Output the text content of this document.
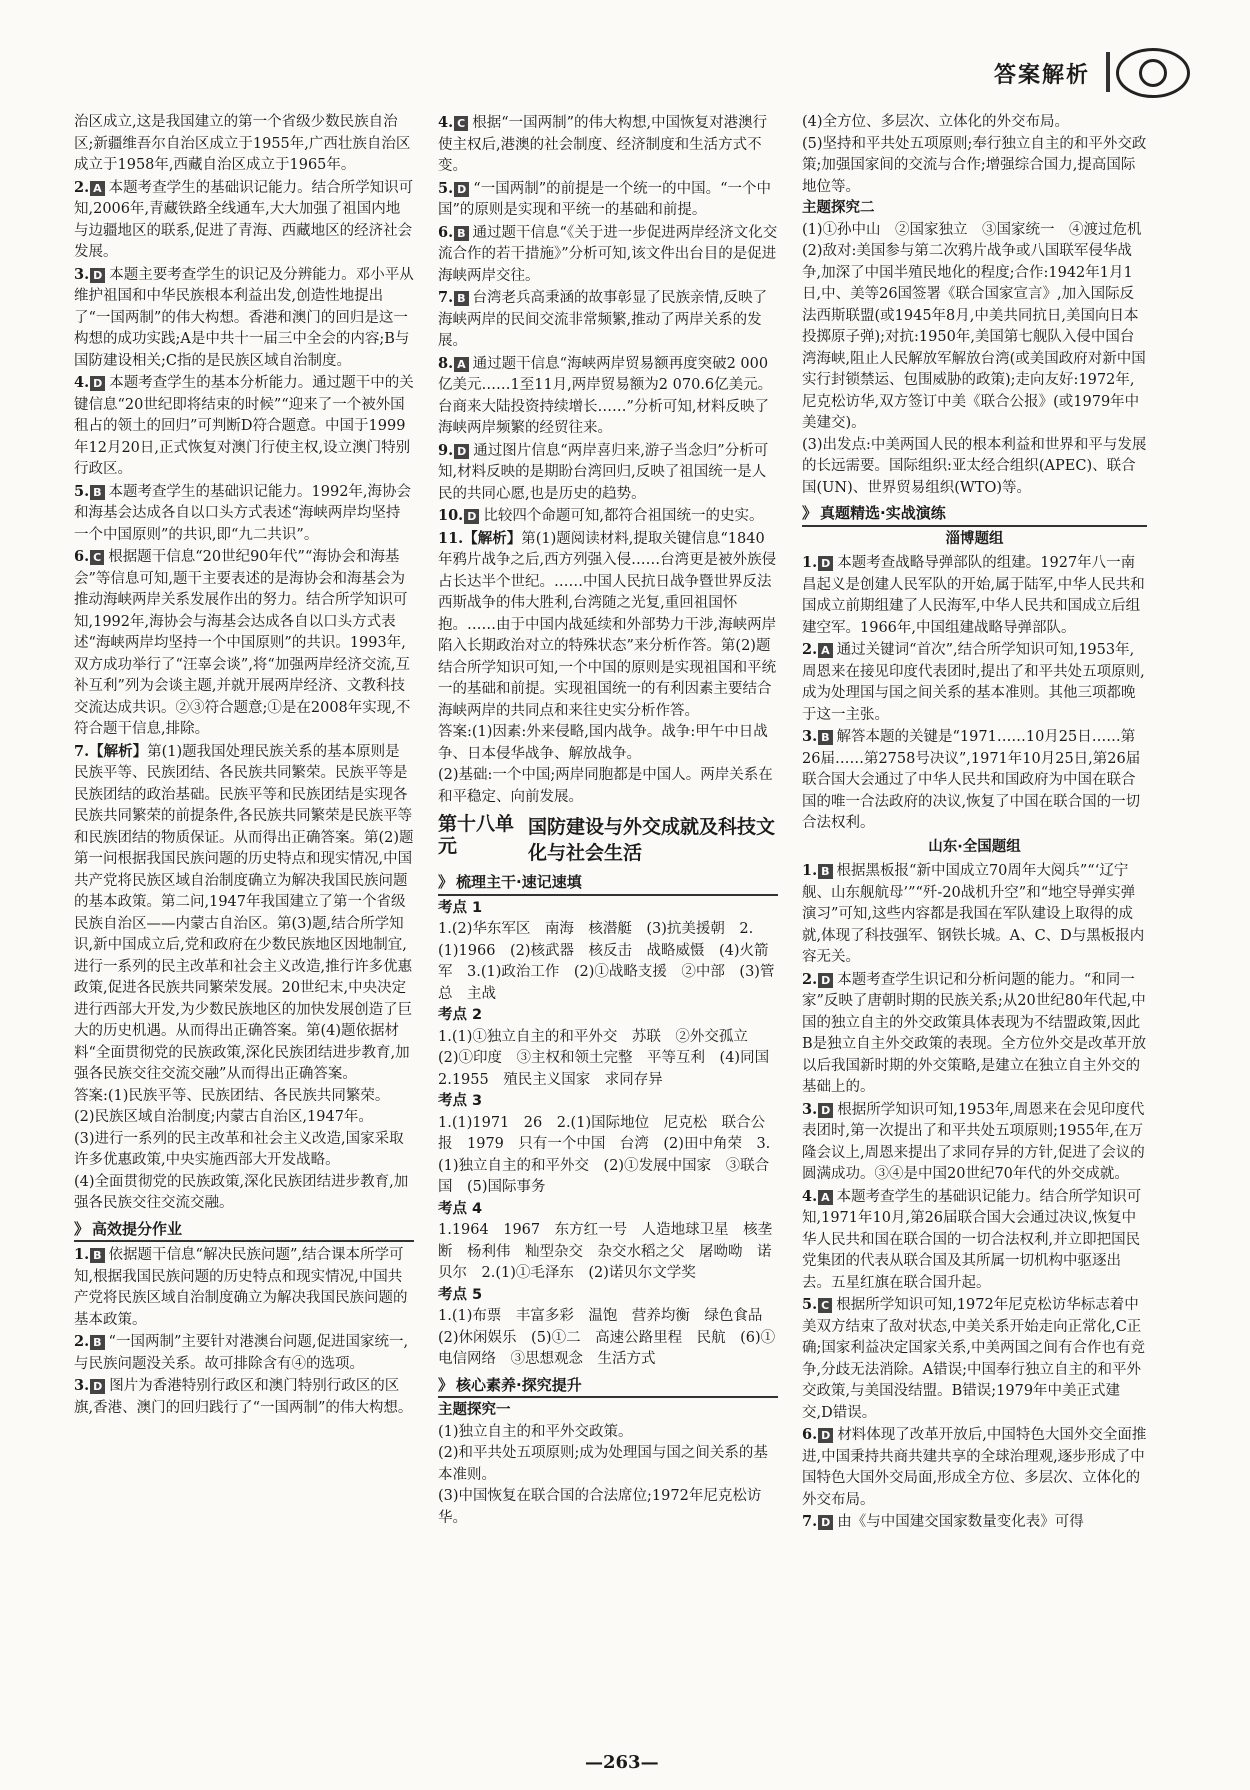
答案解析

治区成立,这是我国建立的第一个省级少数民族自治区;新疆维吾尔自治区成立于1955年,广西壮族自治区成立于1958年,西藏自治区成立于1965年。

2. A 本题考查学生的基础识记能力。结合所学知识可知,2006年,青藏铁路全线通车,大大加强了祖国内地与边疆地区的联系,促进了青海、西藏地区的经济社会发展。

3. D 本题主要考查学生的识记及分辨能力。邓小平从维护祖国和中华民族根本利益出发,创造性地提出了“一国两制”的伟大构想。香港和澳门的回归是这一构想的成功实践;A是中共十一届三中全会的内容;B与国防建设相关;C指的是民族区域自治制度。

4. D 本题考查学生的基本分析能力。通过题干中的关键信息“20世纪即将结束的时候”“迎来了一个被外国租占的领土的回归”可判断D符合题意。中国于1999年12月20日,正式恢复对澳门行使主权,设立澳门特别行政区。

5. B 本题考查学生的基础识记能力。1992年,海协会和海基会达成各自以口头方式表述“海峡两岸均坚持一个中国原则”的共识,即“九二共识”。

6. C 根据题干信息“20世纪90年代”“海协会和海基会”等信息可知,题干主要表述的是海协会和海基会为推动海峡两岸关系发展作出的努力。结合所学知识可知,1992年,海协会与海基会达成各自以口头方式表述“海峡两岸均坚持一个中国原则”的共识。1993年,双方成功举行了“汪辜会谈”,将“加强两岸经济交流,互补互利”列为会谈主题,并就开展两岸经济、文教科技交流达成共识。②③符合题意;①是在2008年实现,不符合题干信息,排除。

7.【解析】第(1)题我国处理民族关系的基本原则是民族平等、民族团结、各民族共同繁荣。民族平等是民族团结的政治基础。民族平等和民族团结是实现各民族共同繁荣的前提条件,各民族共同繁荣是民族平等和民族团结的物质保证。从而得出正确答案。第(2)题第一问根据我国民族问题的历史特点和现实情况,中国共产党将民族区域自治制度确立为解决我国民族问题的基本政策。第二问,1947年我国建立了第一个省级民族自治区——内蒙古自治区。第(3)题,结合所学知识,新中国成立后,党和政府在少数民族地区因地制宜,进行一系列的民主改革和社会主义改造,推行许多优惠政策,促进各民族共同繁荣发展。20世纪末,中央决定进行西部大开发,为少数民族地区的加快发展创造了巨大的历史机遇。从而得出正确答案。第(4)题依据材料“全面贯彻党的民族政策,深化民族团结进步教育,加强各民族交往交流交融”从而得出正确答案。

答案:(1)民族平等、民族团结、各民族共同繁荣。

(2)民族区域自治制度;内蒙古自治区,1947年。

(3)进行一系列的民主改革和社会主义改造,国家采取许多优惠政策,中央实施西部大开发战略。

(4)全面贯彻党的民族政策,深化民族团结进步教育,加强各民族交往交流交融。

》 高效提分作业

1. B 依据题干信息“解决民族问题”,结合课本所学可知,根据我国民族问题的历史特点和现实情况,中国共产党将民族区域自治制度确立为解决我国民族问题的基本政策。

2. B “一国两制”主要针对港澳台问题,促进国家统一,与民族问题没关系。故可排除含有④的选项。

3. D 图片为香港特别行政区和澳门特别行政区的区旗,香港、澳门的回归践行了“一国两制”的伟大构想。

4. C 根据“一国两制”的伟大构想,中国恢复对港澳行使主权后,港澳的社会制度、经济制度和生活方式不变。

5. D “一国两制”的前提是一个统一的中国。“一个中国”的原则是实现和平统一的基础和前提。

6. B 通过题干信息“《关于进一步促进两岸经济文化交流合作的若干措施》”分析可知,该文件出台目的是促进海峡两岸交往。

7. B 台湾老兵高秉涵的故事彰显了民族亲情,反映了海峡两岸的民间交流非常频繁,推动了两岸关系的发展。

8. A 通过题干信息“海峡两岸贸易额再度突破2 000亿美元……1至11月,两岸贸易额为2 070.6亿美元。台商来大陆投资持续增长……”分析可知,材料反映了海峡两岸频繁的经贸往来。

9. D 通过图片信息“两岸喜归来,游子当念归”分析可知,材料反映的是期盼台湾回归,反映了祖国统一是人民的共同心愿,也是历史的趋势。

10. D 比较四个命题可知,都符合祖国统一的史实。

11.【解析】第(1)题阅读材料,提取关键信息“1840年鸦片战争之后,西方列强入侵……台湾更是被外族侵占长达半个世纪。……中国人民抗日战争暨世界反法西斯战争的伟大胜利,台湾随之光复,重回祖国怀抱。……由于中国内战延续和外部势力干涉,海峡两岸陷入长期政治对立的特殊状态”来分析作答。第(2)题结合所学知识可知,一个中国的原则是实现祖国和平统一的基础和前提。实现祖国统一的有利因素主要结合海峡两岸的共同点和来往史实分析作答。

答案:(1)因素:外来侵略,国内战争。战争:甲午中日战争、日本侵华战争、解放战争。

(2)基础:一个中国;两岸同胞都是中国人。两岸关系在和平稳定、向前发展。

第十八单元
国防建设与外交成就及科技文化与社会生活
》 梳理主干·速记速填
考点 1

1.(2)华东军区　南海　核潜艇　(3)抗美援朝　2.(1)1966　(2)核武器　核反击　战略威慑　(4)火箭军　3.(1)政治工作　(2)①战略支援　②中部　(3)管总　主战

考点 2

1.(1)①独立自主的和平外交　苏联　②外交孤立　(2)①印度　③主权和领土完整　平等互利　(4)同国　2.1955　殖民主义国家　求同存异

考点 3

1.(1)1971　26　2.(1)国际地位　尼克松　联合公报　1979　只有一个中国　台湾　(2)田中角荣　3.(1)独立自主的和平外交　(2)①发展中国家　③联合国　(5)国际事务

考点 4

1.1964　1967　东方红一号　人造地球卫星　核垄断　杨利伟　籼型杂交　杂交水稻之父　屠呦呦　诺贝尔　2.(1)①毛泽东　(2)诺贝尔文学奖

考点 5

1.(1)布票　丰富多彩　温饱　营养均衡　绿色食品　(2)休闲娱乐　(5)①二　高速公路里程　民航　(6)①电信网络　③思想观念　生活方式

》 核心素养·探究提升
主题探究一

(1)独立自主的和平外交政策。

(2)和平共处五项原则;成为处理国与国之间关系的基本准则。

(3)中国恢复在联合国的合法席位;1972年尼克松访华。

(4)全方位、多层次、立体化的外交布局。

(5)坚持和平共处五项原则;奉行独立自主的和平外交政策;加强国家间的交流与合作;增强综合国力,提高国际地位等。

主题探究二

(1)①孙中山　②国家独立　③国家统一　④渡过危机

(2)敌对:美国参与第二次鸦片战争或八国联军侵华战争,加深了中国半殖民地化的程度;合作:1942年1月1日,中、美等26国签署《联合国家宣言》,加入国际反法西斯联盟(或1945年8月,中美共同抗日,美国向日本投掷原子弹);对抗:1950年,美国第七舰队入侵中国台湾海峡,阻止人民解放军解放台湾(或美国政府对新中国实行封锁禁运、包围威胁的政策);走向友好:1972年,尼克松访华,双方签订中美《联合公报》(或1979年中美建交)。

(3)出发点:中美两国人民的根本利益和世界和平与发展的长远需要。国际组织:亚太经合组织(APEC)、联合国(UN)、世界贸易组织(WTO)等。

》 真题精选·实战演练
淄博题组

1. D 本题考查战略导弹部队的组建。1927年八一南昌起义是创建人民军队的开始,属于陆军,中华人民共和国成立前期组建了人民海军,中华人民共和国成立后组建空军。1966年,中国组建战略导弹部队。

2. A 通过关键词“首次”,结合所学知识可知,1953年,周恩来在接见印度代表团时,提出了和平共处五项原则,成为处理国与国之间关系的基本准则。其他三项都晚于这一主张。

3. B 解答本题的关键是“1971……10月25日……第26届……第2758号决议”,1971年10月25日,第26届联合国大会通过了中华人民共和国政府为中国在联合国的唯一合法政府的决议,恢复了中国在联合国的一切合法权利。

山东·全国题组

1. B 根据黑板报“新中国成立70周年大阅兵”“‘辽宁舰、山东舰航母’”“歼-20战机升空”和“地空导弹实弹演习”可知,这些内容都是我国在军队建设上取得的成就,体现了科技强军、钢铁长城。A、C、D与黑板报内容无关。

2. D 本题考查学生识记和分析问题的能力。“和同一家”反映了唐朝时期的民族关系;从20世纪80年代起,中国的独立自主的外交政策具体表现为不结盟政策,因此B是独立自主外交政策的表现。全方位外交是改革开放以后我国新时期的外交策略,是建立在独立自主外交的基础上的。

3. D 根据所学知识可知,1953年,周恩来在会见印度代表团时,第一次提出了和平共处五项原则;1955年,在万隆会议上,周恩来提出了求同存异的方针,促进了会议的圆满成功。③④是中国20世纪70年代的外交成就。

4. A 本题考查学生的基础识记能力。结合所学知识可知,1971年10月,第26届联合国大会通过决议,恢复中华人民共和国在联合国的一切合法权利,并立即把国民党集团的代表从联合国及其所属一切机构中驱逐出去。五星红旗在联合国升起。

5. C 根据所学知识可知,1972年尼克松访华标志着中美双方结束了敌对状态,中美关系开始走向正常化,C正确;国家利益决定国家关系,中美两国之间有合作也有竞争,分歧无法消除。A错误;中国奉行独立自主的和平外交政策,与美国没结盟。B错误;1979年中美正式建交,D错误。

6. D 材料体现了改革开放后,中国特色大国外交全面推进,中国秉持共商共建共享的全球治理观,逐步形成了中国特色大国外交局面,形成全方位、多层次、立体化的外交布局。

7. D 由《与中国建交国家数量变化表》可得

—263—
